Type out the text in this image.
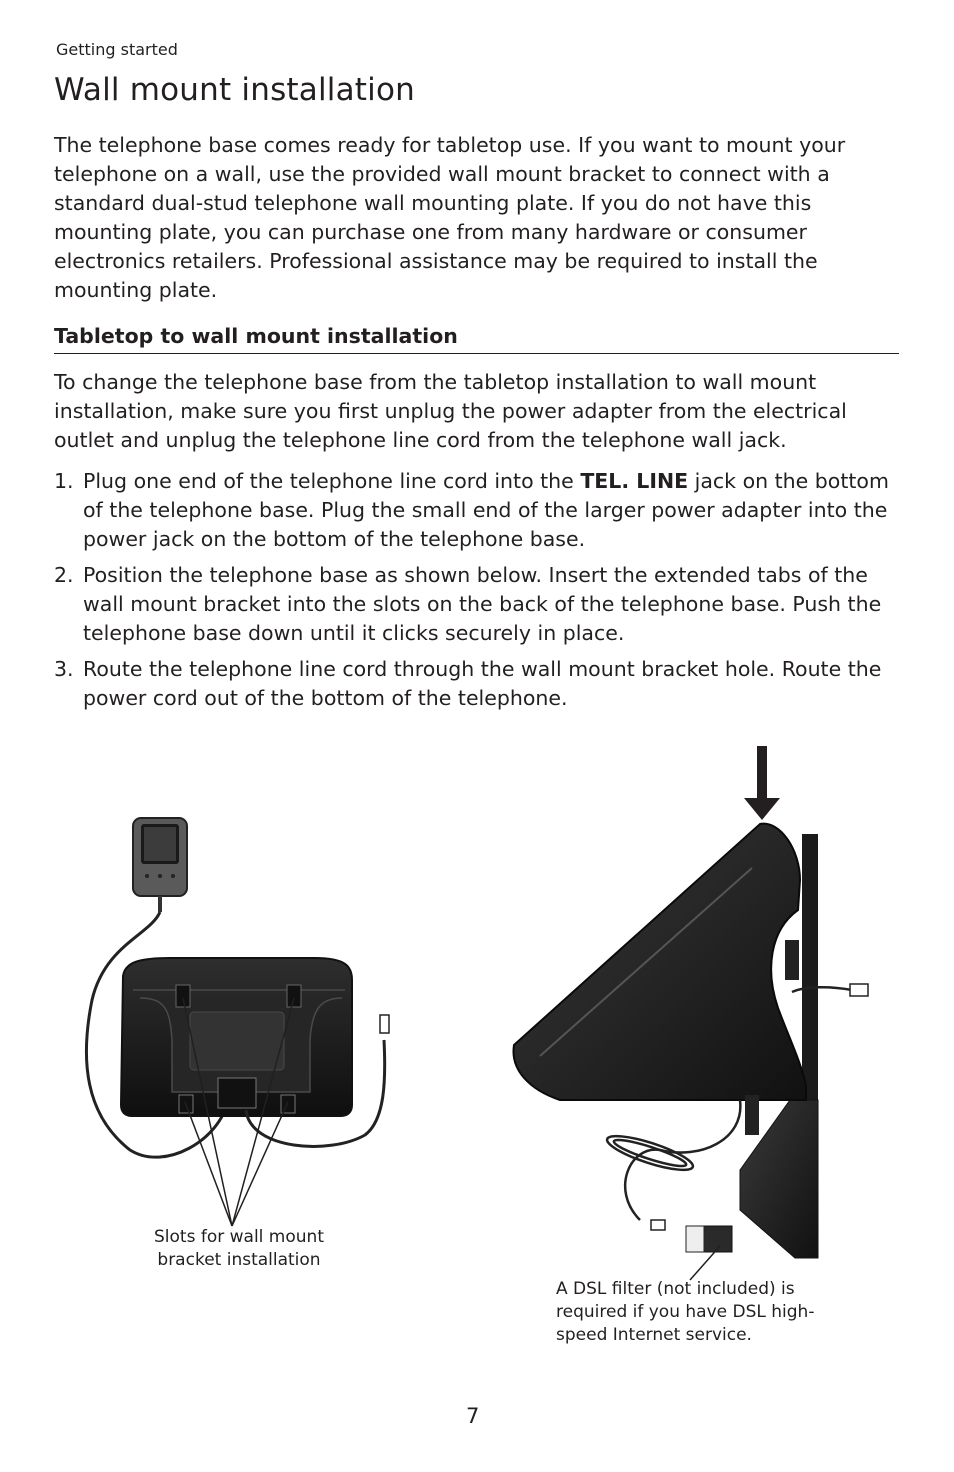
Getting started
Wall mount installation

The telephone base comes ready for tabletop use. If you want to mount your telephone on a wall, use the provided wall mount bracket to connect with a standard dual-stud telephone wall mounting plate. If you do not have this mounting plate, you can purchase one from many hardware or consumer electronics retailers. Professional assistance may be required to install the mounting plate.

Tabletop to wall mount installation

To change the telephone base from the tabletop installation to wall mount installation, make sure you first unplug the power adapter from the electrical outlet and unplug the telephone line cord from the telephone wall jack.

1. Plug one end of the telephone line cord into the TEL. LINE jack on the bottom of the telephone base. Plug the small end of the larger power adapter into the power jack on the bottom of the telephone base.
2. Position the telephone base as shown below. Insert the extended tabs of the wall mount bracket into the slots on the back of the telephone base. Push the telephone base down until it clicks securely in place.
3. Route the telephone line cord through the wall mount bracket hole. Route the power cord out of the bottom of the telephone.
Slots for wall mount
bracket installation
A DSL filter (not included) is
required if you have DSL high-
speed Internet service.
7
